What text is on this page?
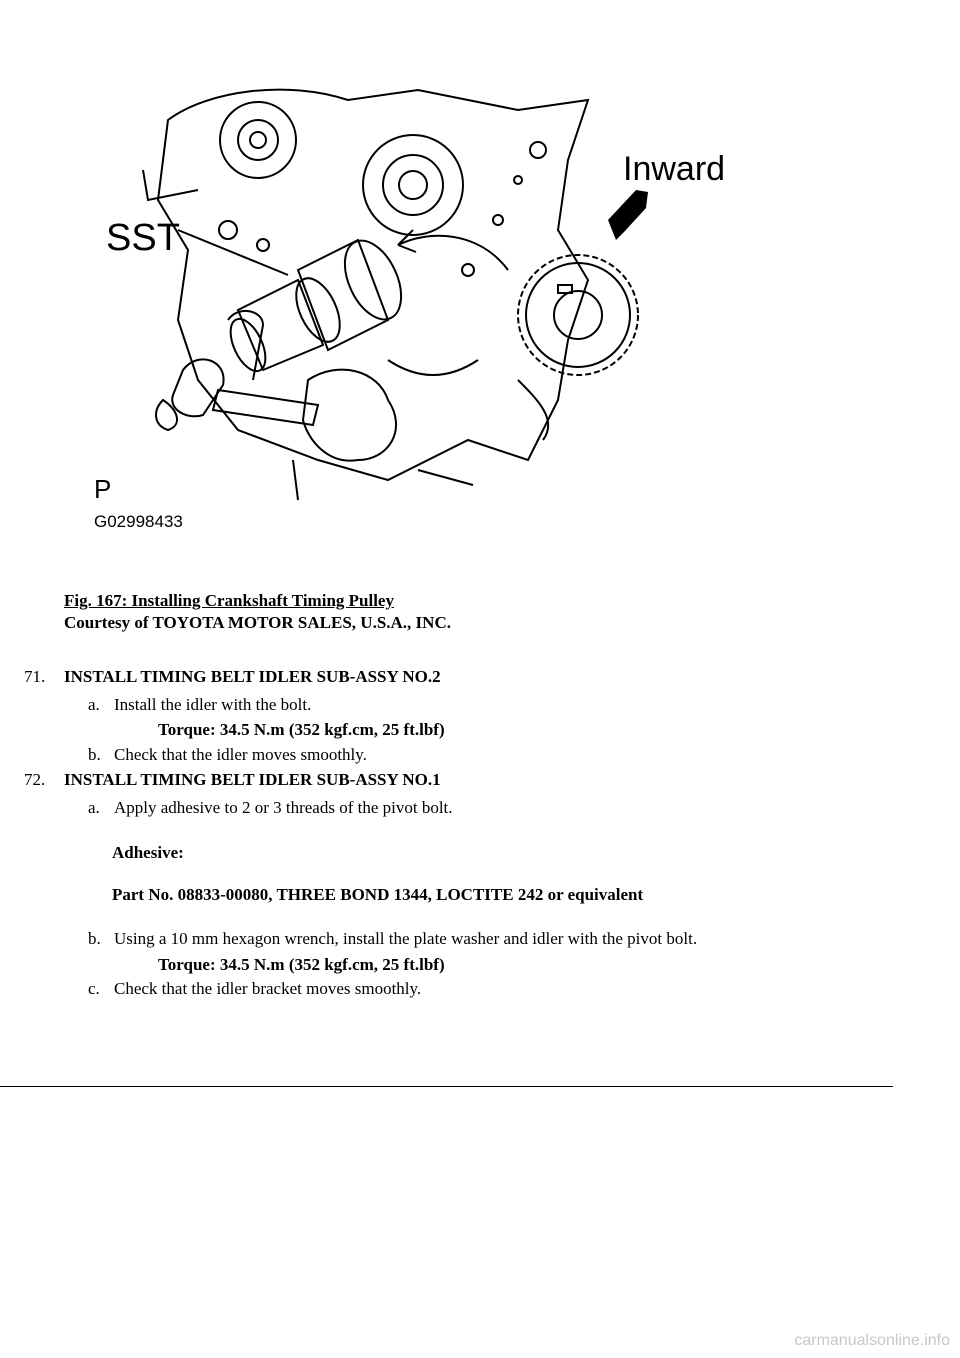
SST
Inward
P
G02998433
Fig. 167: Installing Crankshaft Timing Pulley
Courtesy of TOYOTA MOTOR SALES, U.S.A., INC.
71. INSTALL TIMING BELT IDLER SUB-ASSY NO.2
a. Install the idler with the bolt.
Torque: 34.5 N.m (352 kgf.cm, 25 ft.lbf)
b. Check that the idler moves smoothly.
72. INSTALL TIMING BELT IDLER SUB-ASSY NO.1
a. Apply adhesive to 2 or 3 threads of the pivot bolt.
Adhesive:
Part No. 08833-00080, THREE BOND 1344, LOCTITE 242 or equivalent
b. Using a 10 mm hexagon wrench, install the plate washer and idler with the pivot bolt.
Torque: 34.5 N.m (352 kgf.cm, 25 ft.lbf)
c. Check that the idler bracket moves smoothly.
carmanualsonline.info
